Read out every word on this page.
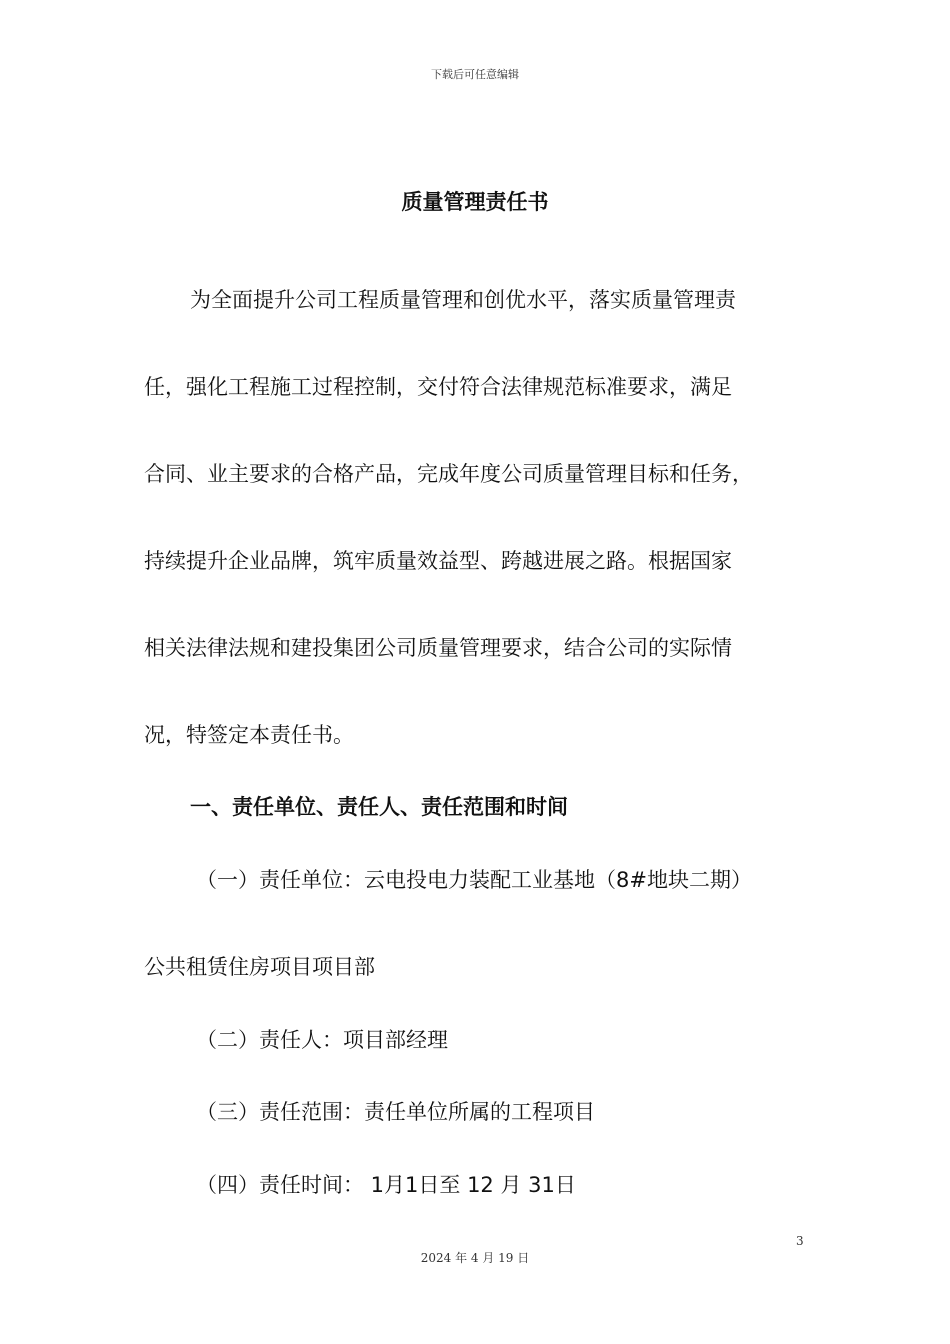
下载后可任意编辑
质量管理责任书
为全面提升公司工程质量管理和创优水平，落实质量管理责
任，强化工程施工过程控制，交付符合法律规范标准要求，满足
合同、业主要求的合格产品，完成年度公司质量管理目标和任务，
持续提升企业品牌，筑牢质量效益型、跨越进展之路。根据国家
相关法律法规和建投集团公司质量管理要求，结合公司的实际情
况，特签定本责任书。
一、责任单位、责任人、责任范围和时间
（一）责任单位：云电投电力装配工业基地（8#地块二期）
公共租赁住房项目项目部
（二）责任人：项目部经理
（三）责任范围：责任单位所属的工程项目
（四）责任时间： 1月1日至 12 月 31日
3
2024 年 4 月 19 日
